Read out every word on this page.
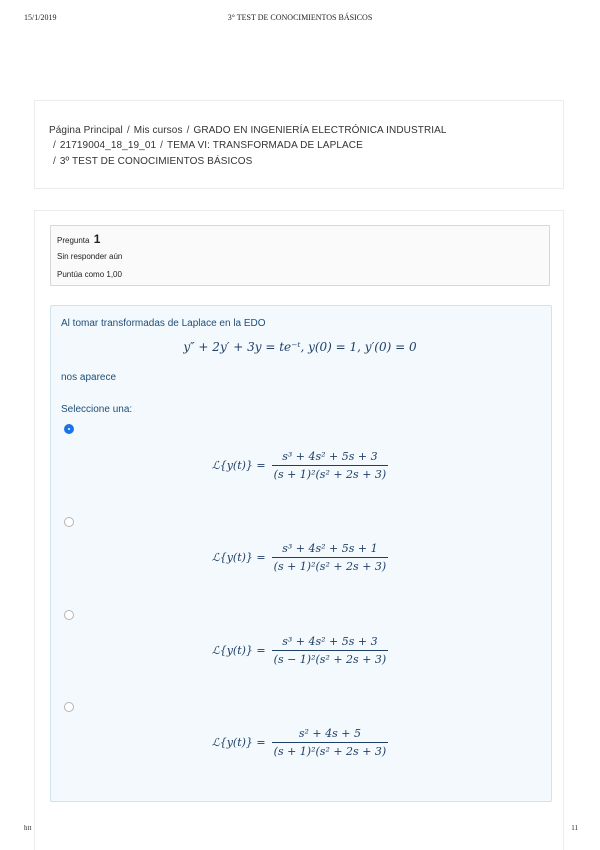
15/1/2019	3° TEST DE CONOCIMIENTOS BÁSICOS
htt	11
Página Principal / Mis cursos / GRADO EN INGENIERÍA ELECTRÓNICA INDUSTRIAL
/ 21719004_18_19_01 / TEMA VI: TRANSFORMADA DE LAPLACE
/ 3º TEST DE CONOCIMIENTOS BÁSICOS
Pregunta 1
Sin responder aún
Puntúa como 1,00
Al tomar transformadas de Laplace en la EDO
y″ + 2y′ + 3y = te⁻ᵗ, y(0) = 1, y′(0) = 0
nos aparece
Seleccione una:
ℒ{y(t)} = $\frac{\text{s³ + 4s² + 5s + 3}}{\text{(s + 1)²(s² + 2s + 3)}}$
ℒ{y(t)} = $\frac{\text{s³ + 4s² + 5s + 1}}{\text{(s + 1)²(s² + 2s + 3)}}$
ℒ{y(t)} = $\frac{\text{s³ + 4s² + 5s + 3}}{\text{(s − 1)²(s² + 2s + 3)}}$
ℒ{y(t)} = $\frac{\text{s² + 4s + 5}}{\text{(s + 1)²(s² + 2s + 3)}}$
